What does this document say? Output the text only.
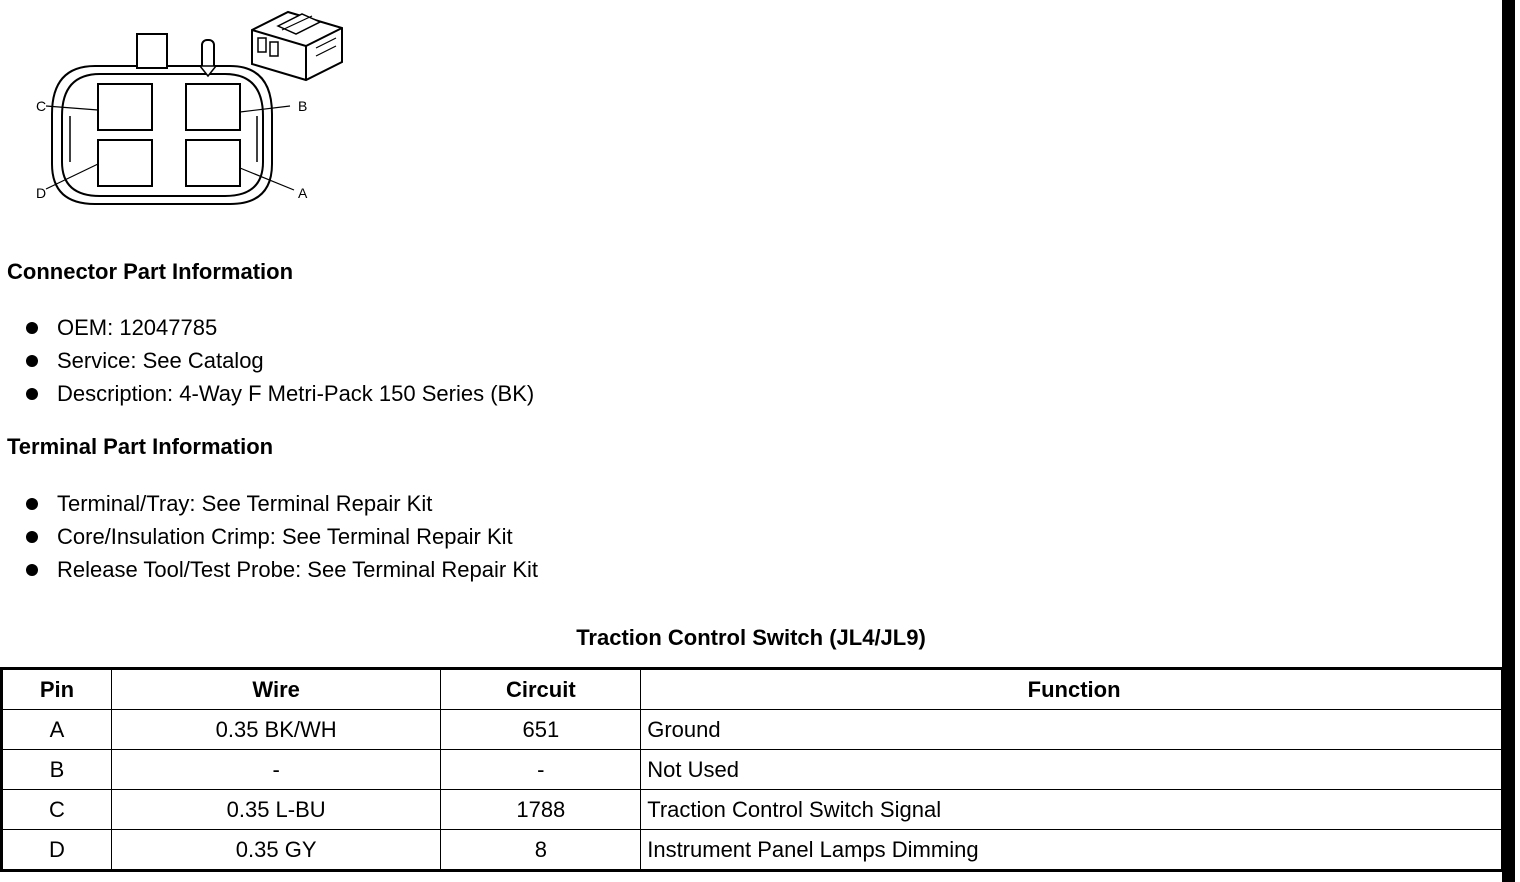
C	B
D	A
Connector Part Information
OEM: 12047785
Service: See Catalog
Description: 4-Way F Metri-Pack 150 Series (BK)
Terminal Part Information
Terminal/Tray: See Terminal Repair Kit
Core/Insulation Crimp: See Terminal Repair Kit
Release Tool/Test Probe: See Terminal Repair Kit
Traction Control Switch (JL4/JL9)
Pin	Wire	Circuit	Function
A	0.35 BK/WH	651	Ground
B	-	-	Not Used
C	0.35 L-BU	1788	Traction Control Switch Signal
D	0.35 GY	8	Instrument Panel Lamps Dimming
